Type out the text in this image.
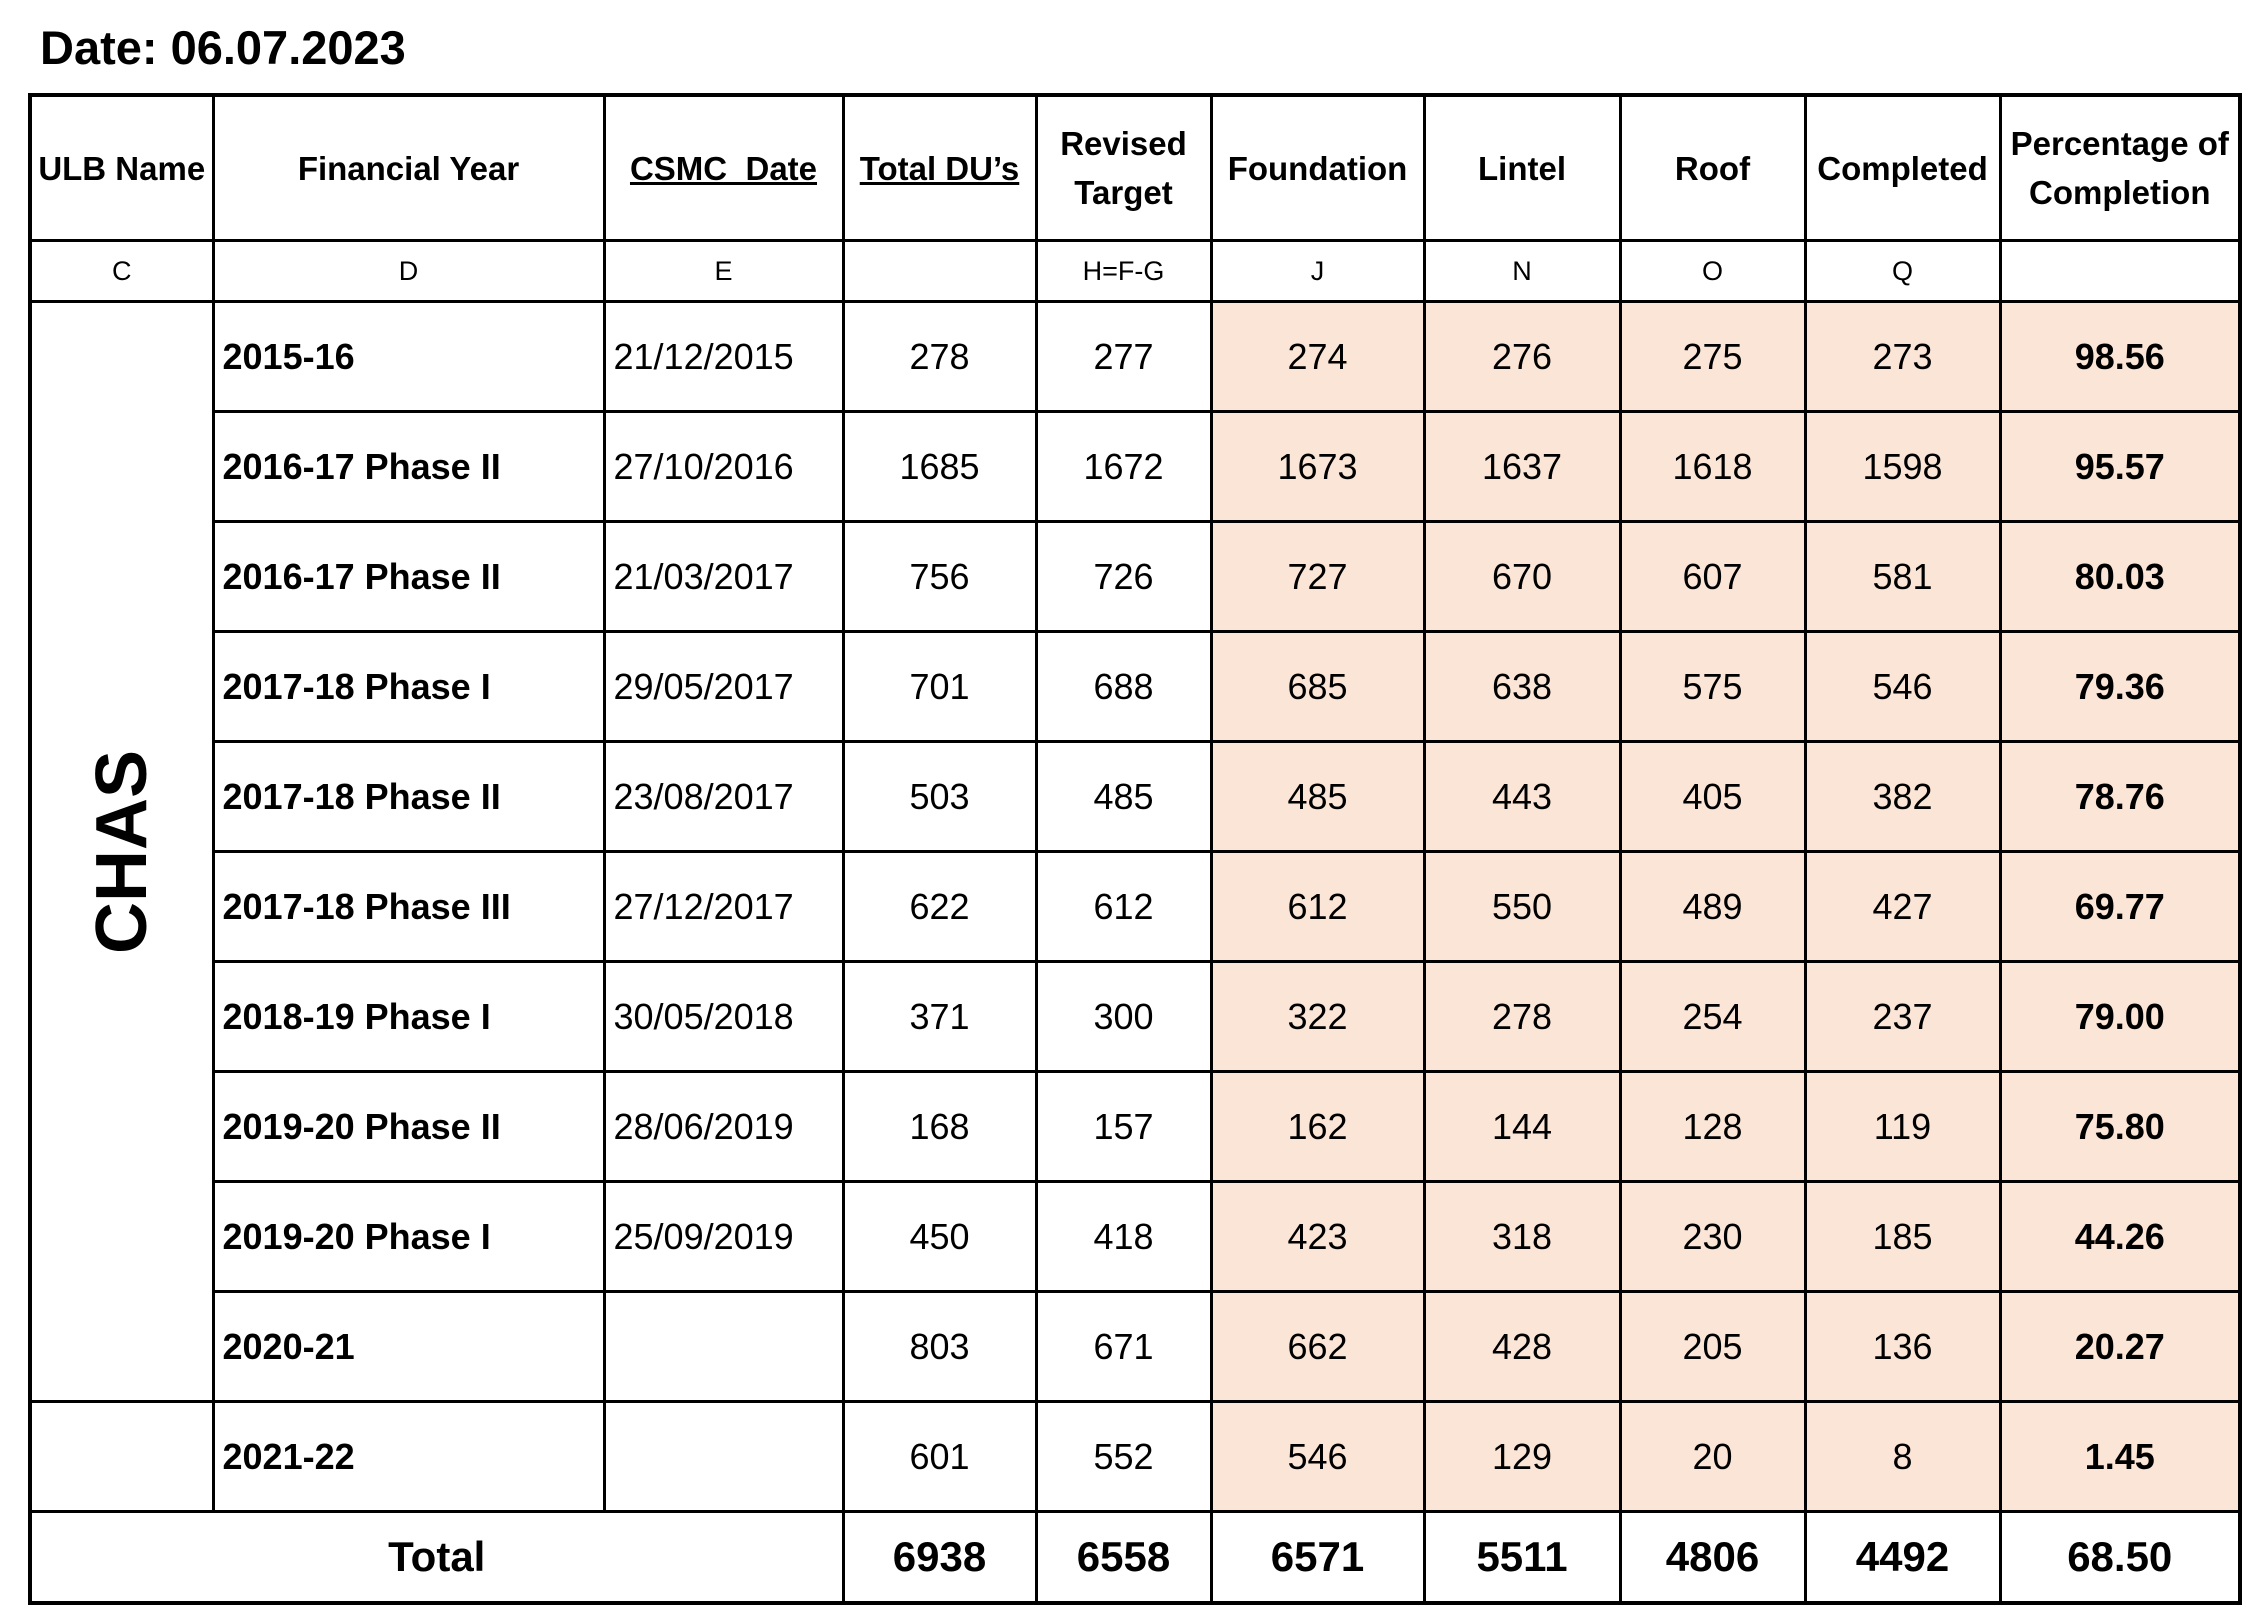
Date: 06.07.2023
ULB Name	Financial Year	CSMC_Date	Total DU’s	Revised Target	Foundation	Lintel	Roof	Completed	Percentage of Completion
C	D	E		H=F-G	J	N	O	Q	

CHAS	2015-16	21/12/2015	278	277	274	276	275	273	98.56
	2016-17 Phase II	27/10/2016	1685	1672	1673	1637	1618	1598	95.57
	2016-17 Phase II	21/03/2017	756	726	727	670	607	581	80.03
	2017-18 Phase I	29/05/2017	701	688	685	638	575	546	79.36
	2017-18 Phase II	23/08/2017	503	485	485	443	405	382	78.76
	2017-18 Phase III	27/12/2017	622	612	612	550	489	427	69.77
	2018-19 Phase I	30/05/2018	371	300	322	278	254	237	79.00
	2019-20 Phase II	28/06/2019	168	157	162	144	128	119	75.80
	2019-20 Phase I	25/09/2019	450	418	423	318	230	185	44.26
	2020-21		803	671	662	428	205	136	20.27
	2021-22		601	552	546	129	20	8	1.45
Total			6938	6558	6571	5511	4806	4492	68.50
